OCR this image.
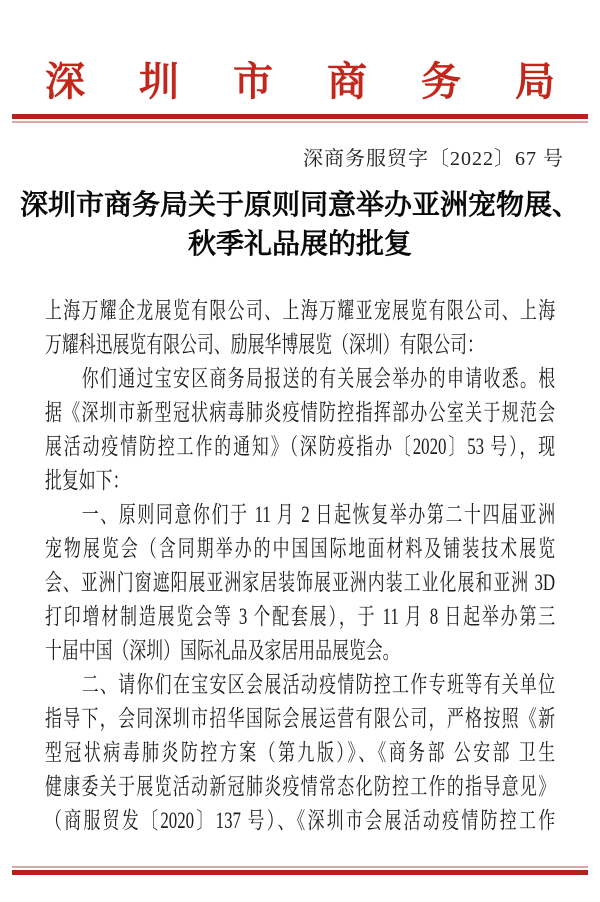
深 圳 市 商 务 局
深商务服贸字〔2022〕67 号
深圳市商务局关于原则同意举办亚洲宠物展、
秋季礼品展的批复
上海万耀企龙展览有限公司、上海万耀亚宠展览有限公司、上海
万耀科迅展览有限公司、励展华博展览（深圳）有限公司：
你们通过宝安区商务局报送的有关展会举办的申请收悉。根
据《深圳市新型冠状病毒肺炎疫情防控指挥部办公室关于规范会
展活动疫情防控工作的通知》（深防疫指办〔2020〕53 号），现
批复如下：
一、原则同意你们于 11 月 2 日起恢复举办第二十四届亚洲
宠物展览会（含同期举办的中国国际地面材料及铺装技术展览
会、亚洲门窗遮阳展亚洲家居装饰展亚洲内装工业化展和亚洲 3D
打印增材制造展览会等 3 个配套展），于 11 月 8 日起举办第三
十届中国（深圳）国际礼品及家居用品展览会。
二、请你们在宝安区会展活动疫情防控工作专班等有关单位
指导下，会同深圳市招华国际会展运营有限公司，严格按照《新
型冠状病毒肺炎防控方案（第九版）》、《商务部 公安部 卫生
健康委关于展览活动新冠肺炎疫情常态化防控工作的指导意见》
（商服贸发〔2020〕137 号）、《深圳市会展活动疫情防控工作
